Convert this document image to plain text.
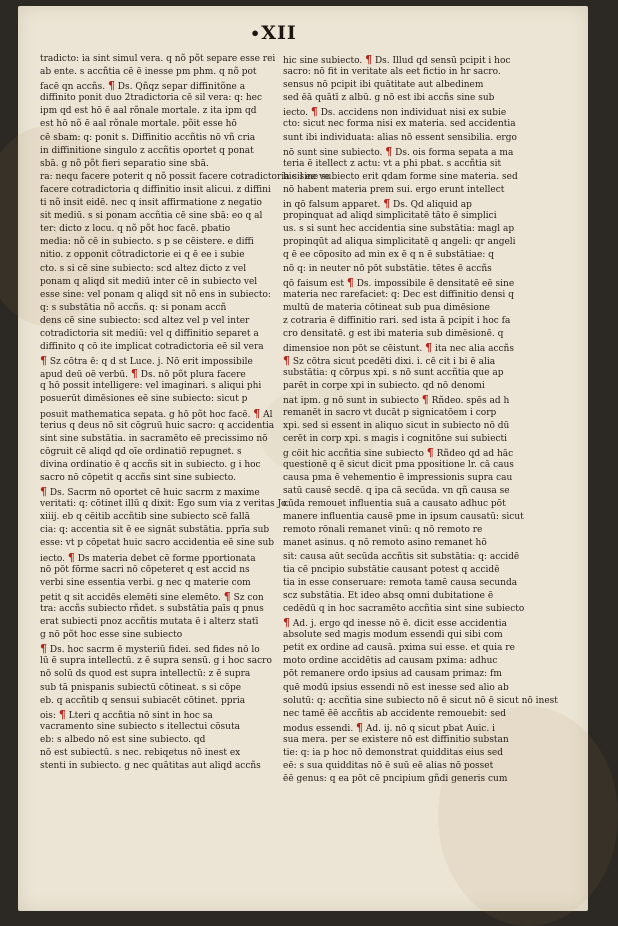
•XII
tradicto: ia sint simul vera. q nõ põt separe esse rei
ab ente. s accñtia cē ē inesse pm phm. q nõ pot
facē qn accñs. ¶ Ds. Qñqz separ diffinitõne a
diffinito ponit duo 2tradictoria cē sil vera: q: hec
ipm qd est hō ē aal rõnale mortale. z ita ipm qd
est hō nõ ē aal rõnale mortale. põit esse hō
cē sbam: q: ponit s. Diffinitio accñtis nō vñ cria
in diffinitione singulo z accñtis oportet q ponat
sbā. g nõ põt fieri separatio sine sbā.
ra: nequ facere poterit q nõ possit facere cotradictoria sil ee ve
facere cotradictoria q diffinitio insit alicui. z diffini
ti nõ insit eidē. nec q insit affirmatione z negatio
sit mediū. s si ponam accñtia cē sine sbā: eo q al
ter: dicto z locu. q nõ põt hoc facē. pbatio
media: nõ cē in subiecto. s p se cēistere. e diffi
nitio. z opponit cõtradictorie ei q ē ee i subie
cto. s si cē sine subiecto: scd altez dicto z vel
ponam q aliqd sit mediū inter cē in subiecto vel
esse sine: vel ponam q aliqd sit nõ ens in subiecto:
q: s substātia nõ accñs. q: si ponam accñ
dens cē sine subiecto: scd altez vel p vel inter
cotradictoria sit mediū: vel q diffinitio separet a
diffinito q cō ite implicat cotradictoria eē sil vera
¶ Sz cōtra ē: q d st Luce. j. Nō erit impossibile
apud deū oē verbū. ¶ Ds. nō põt plura facere
q hō possit intelligere: vel imaginari. s aliqui phi
posuerūt dimēsiones eē sine subiecto: sicut p
posuit mathematica sepata. g hō põt hoc facē. ¶ Al
terius q deus nō sit cōgruū huic sacro: q accidentia
sint sine substātia. in sacramēto eē precissimo nō
cōgruit cē aliqd qd oīe ordinatiō repugnet. s
divina ordinatio ē q accñs sit in subiecto. g i hoc
sacro nō cōpetit q accñs sint sine subiecto.
¶ Ds. Sacrm nō oportet cē huic sacrm z maxime
veritati: q: cōtinet illū q dixit: Ego sum via z veritas Jo.
xiiij. eb q cēitib accñtib sine subiecto scē fallā
cia: q: accentia sit ē ee signāt substātia. pprīa sub
esse: vt p cōpetat huic sacro accidentia eē sine sub
iecto. ¶ Ds materia debet cē forme pportionata
nō pōt fōrme sacri nō cōpeteret q est accid ns
verbi sine essentia verbi. g nec q materie com
petit q sit accidēs elemēti sine elemēto. ¶ Sz con
tra: accñs subiecto rñdet. s substātia paīs q pnus
erat subiecti pnoz accñtis mutata ē i alterz statī
g nō põt hoc esse sine subiecto
¶ Ds. hoc sacrm ē mysteriū fidei. sed fides nō lo
lū ē supra intellectū. z ē supra sensū. g i hoc sacro
nō solū ds quod est supra intellectū: z ē supra
sub tā pnispanis subiectū cōtineat. s si cōpe
eb. q accñtib q sensui subiacēt cōtinet. ppria
ois: ¶ Lteri q accñtia nō sint in hoc sa
vacramento sine subiecto s itellectui cōsuta
eb: s albedo nō est sine subiecto. qd
nō est subiectū. s nec. rebiqetus nō inest ex
stenti in subiecto. g nec quātitas aut aliqd accñs
hic sine subiecto. ¶ Ds. Illud qd sensū pcipit i hoc
sacro: nō fit in veritate als eet fictio in hr sacro.
sensus nō pcipit ibi quātitate aut albedinem
sed ēā quātī z albū. g nō est ibi accñs sine sub
iecto. ¶ Ds. accidens non individuat nisi ex subie
cto: sicut nec forma nisi ex materia. sed accidentia
sunt ibi individuata: alias nō essent sensibilia. ergo
nō sunt sine subiecto. ¶ Ds. ois forma sepata a ma
teria ē itellect z actu: vt a phi pbat. s accñtia sit
hic sine subiecto erit qdam forme sine materia. sed
nō habent materia prem sui. ergo erunt intellect
in qō falsum apparet. ¶ Ds. Qd aliquid ap
propinquat ad aliqd simplicitatē tāto ē simplici
us. s si sunt hec accidentia sine substātia: magl ap
propinqūt ad aliqua simplicitatē q angeli: qr angeli
q ē ee cōposito ad min ex ē q n ē substātiae: q
nō q: in neuter nō pōt substātie. tētes ē accñs
qō faisum est ¶ Ds. impossibile ē densitatē eē sine
materia nec rarefaciet: q: Dec est diffinitio densi q
multū de materia cōtineat sub pua dimēsione
z cotraria ē diffinitio rari. sed ista ā pcipit i hoc fa
cro densitatē. g est ibi materia sub dimēsionē. q
dimensioe non pōt se cēistunt. ¶ ita nec alia accñs
¶ Sz cōtra sicut pcedēti dixi. i. cē cit i bi ē alia
substātia: q cōrpus xpi. s nō sunt accñtia que ap
parēt in corpe xpi in subiecto. qd nō denomi
nat ipm. g nō sunt in subiecto ¶ Rñdeo. spēs ad h
remanēt in sacro vt ducāt p signicatōem i corp
xpi. sed si essent in aliquo sicut in subiecto nō dū
cerēt in corp xpi. s magis i cognitōne sui subiecti
g cōit hic accñtia sine subiecto ¶ Rñdeo qd ad hāc
questionē q ē sicut dicit pma ppositione lr. cā caus
causa pma ē vehementio ē impressionis supra cau
satū causē secdē. q ipa cā secūda. vn qñ causa se
cūda remouet influentia suā a causato adhuc pōt
manere influentia causē pme in ipsum causatū: sicut
remoto rōnali remanet vinū: q nō remoto re
manet asinus. q nō remoto asino remanet hō
sit: causa aūt secūda accñtis sit substātia: q: accidē
tia cē pncipio substātie causant potest q accidē
tia in esse conseruare: remota tamē causa secunda
scz substātia. Et ideo absq omni dubitatione ē
cedēdū q in hoc sacramēto accñtia sint sine subiecto
¶ Ad. j. ergo qd inesse nō ē. dicit esse accidentia
absolute sed magis modum essendi qui sibi com
petit ex ordine ad causā. pxima sui esse. et quia re
moto ordine accidētis ad causam pxima: adhuc
pōt remanere ordo ipsius ad causam primaz: fm
quē modū ipsius essendi nō est inesse sed alio ab
solutū: q: accñtia sine subiecto nō ē sicut nō ē sicut nō inest
nec tamē ēē accñtis ab accidente remouebit: sed
modus essendi. ¶ Ad. ij. nō q sicut pbat Auic. i
sua mera. per se existere nō est diffinitio substan
tie: q: ia p hoc nō demonstrat quidditas eius sed
eē: s sua quidditas nō ē suū eē alias nō posset
ēē genus: q ea pōt cē pncipium gñdi generis cum
